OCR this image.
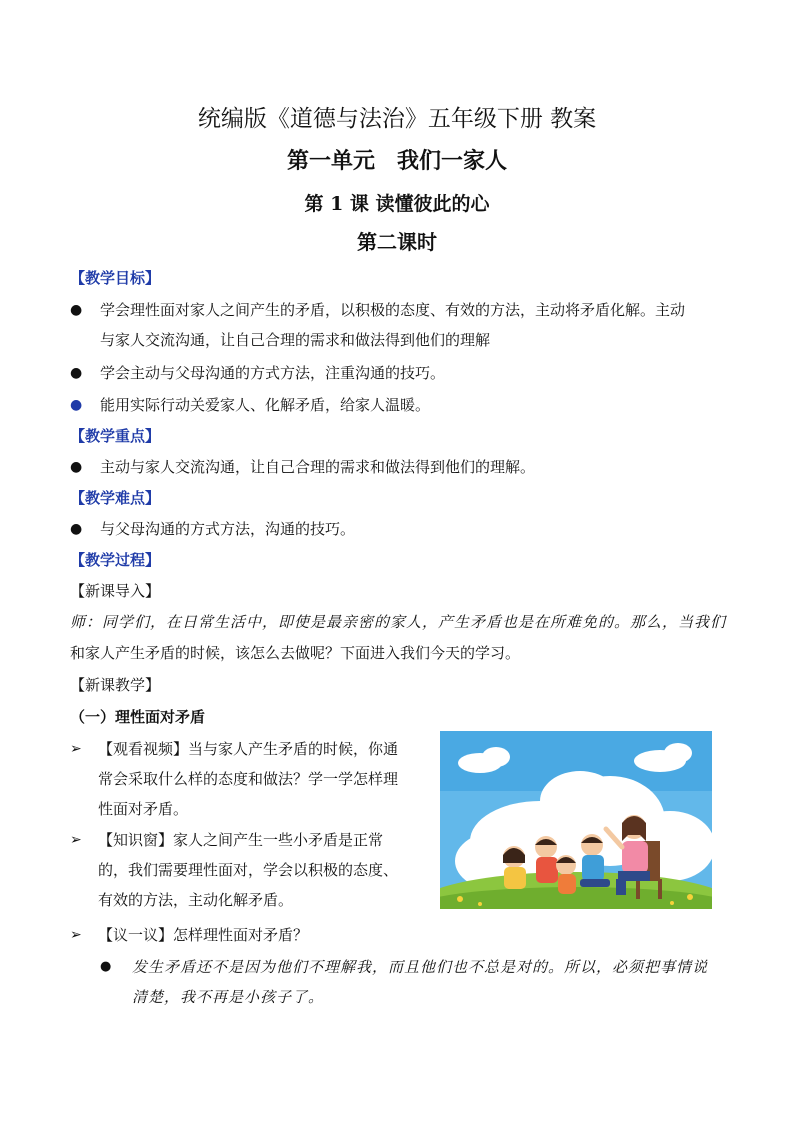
统编版《道德与法治》五年级下册 教案
第一单元 我们一家人
第 1 课 读懂彼此的心
第二课时
【教学目标】
●	学会理性面对家人之间产生的矛盾，以积极的态度、有效的方法，主动将矛盾化解。主动
与家人交流沟通，让自己合理的需求和做法得到他们的理解
●	学会主动与父母沟通的方式方法，注重沟通的技巧。
●	能用实际行动关爱家人、化解矛盾，给家人温暖。
【教学重点】
●	主动与家人交流沟通，让自己合理的需求和做法得到他们的理解。
【教学难点】
●	与父母沟通的方式方法，沟通的技巧。
【教学过程】
【新课导入】
师：同学们，在日常生活中，即使是最亲密的家人，产生矛盾也是在所难免的。那么，当我们
和家人产生矛盾的时候，该怎么去做呢？下面进入我们今天的学习。
【新课教学】
（一）理性面对矛盾
➢ 【观看视频】当与家人产生矛盾的时候，你通
常会采取什么样的态度和做法？学一学怎样理
性面对矛盾。
➢ 【知识窗】家人之间产生一些小矛盾是正常
的，我们需要理性面对，学会以积极的态度、
有效的方法，主动化解矛盾。
➢ 【议一议】怎样理性面对矛盾？
● 发生矛盾还不是因为他们不理解我，而且他们也不总是对的。所以，必须把事情说
清楚，我不再是小孩子了。
